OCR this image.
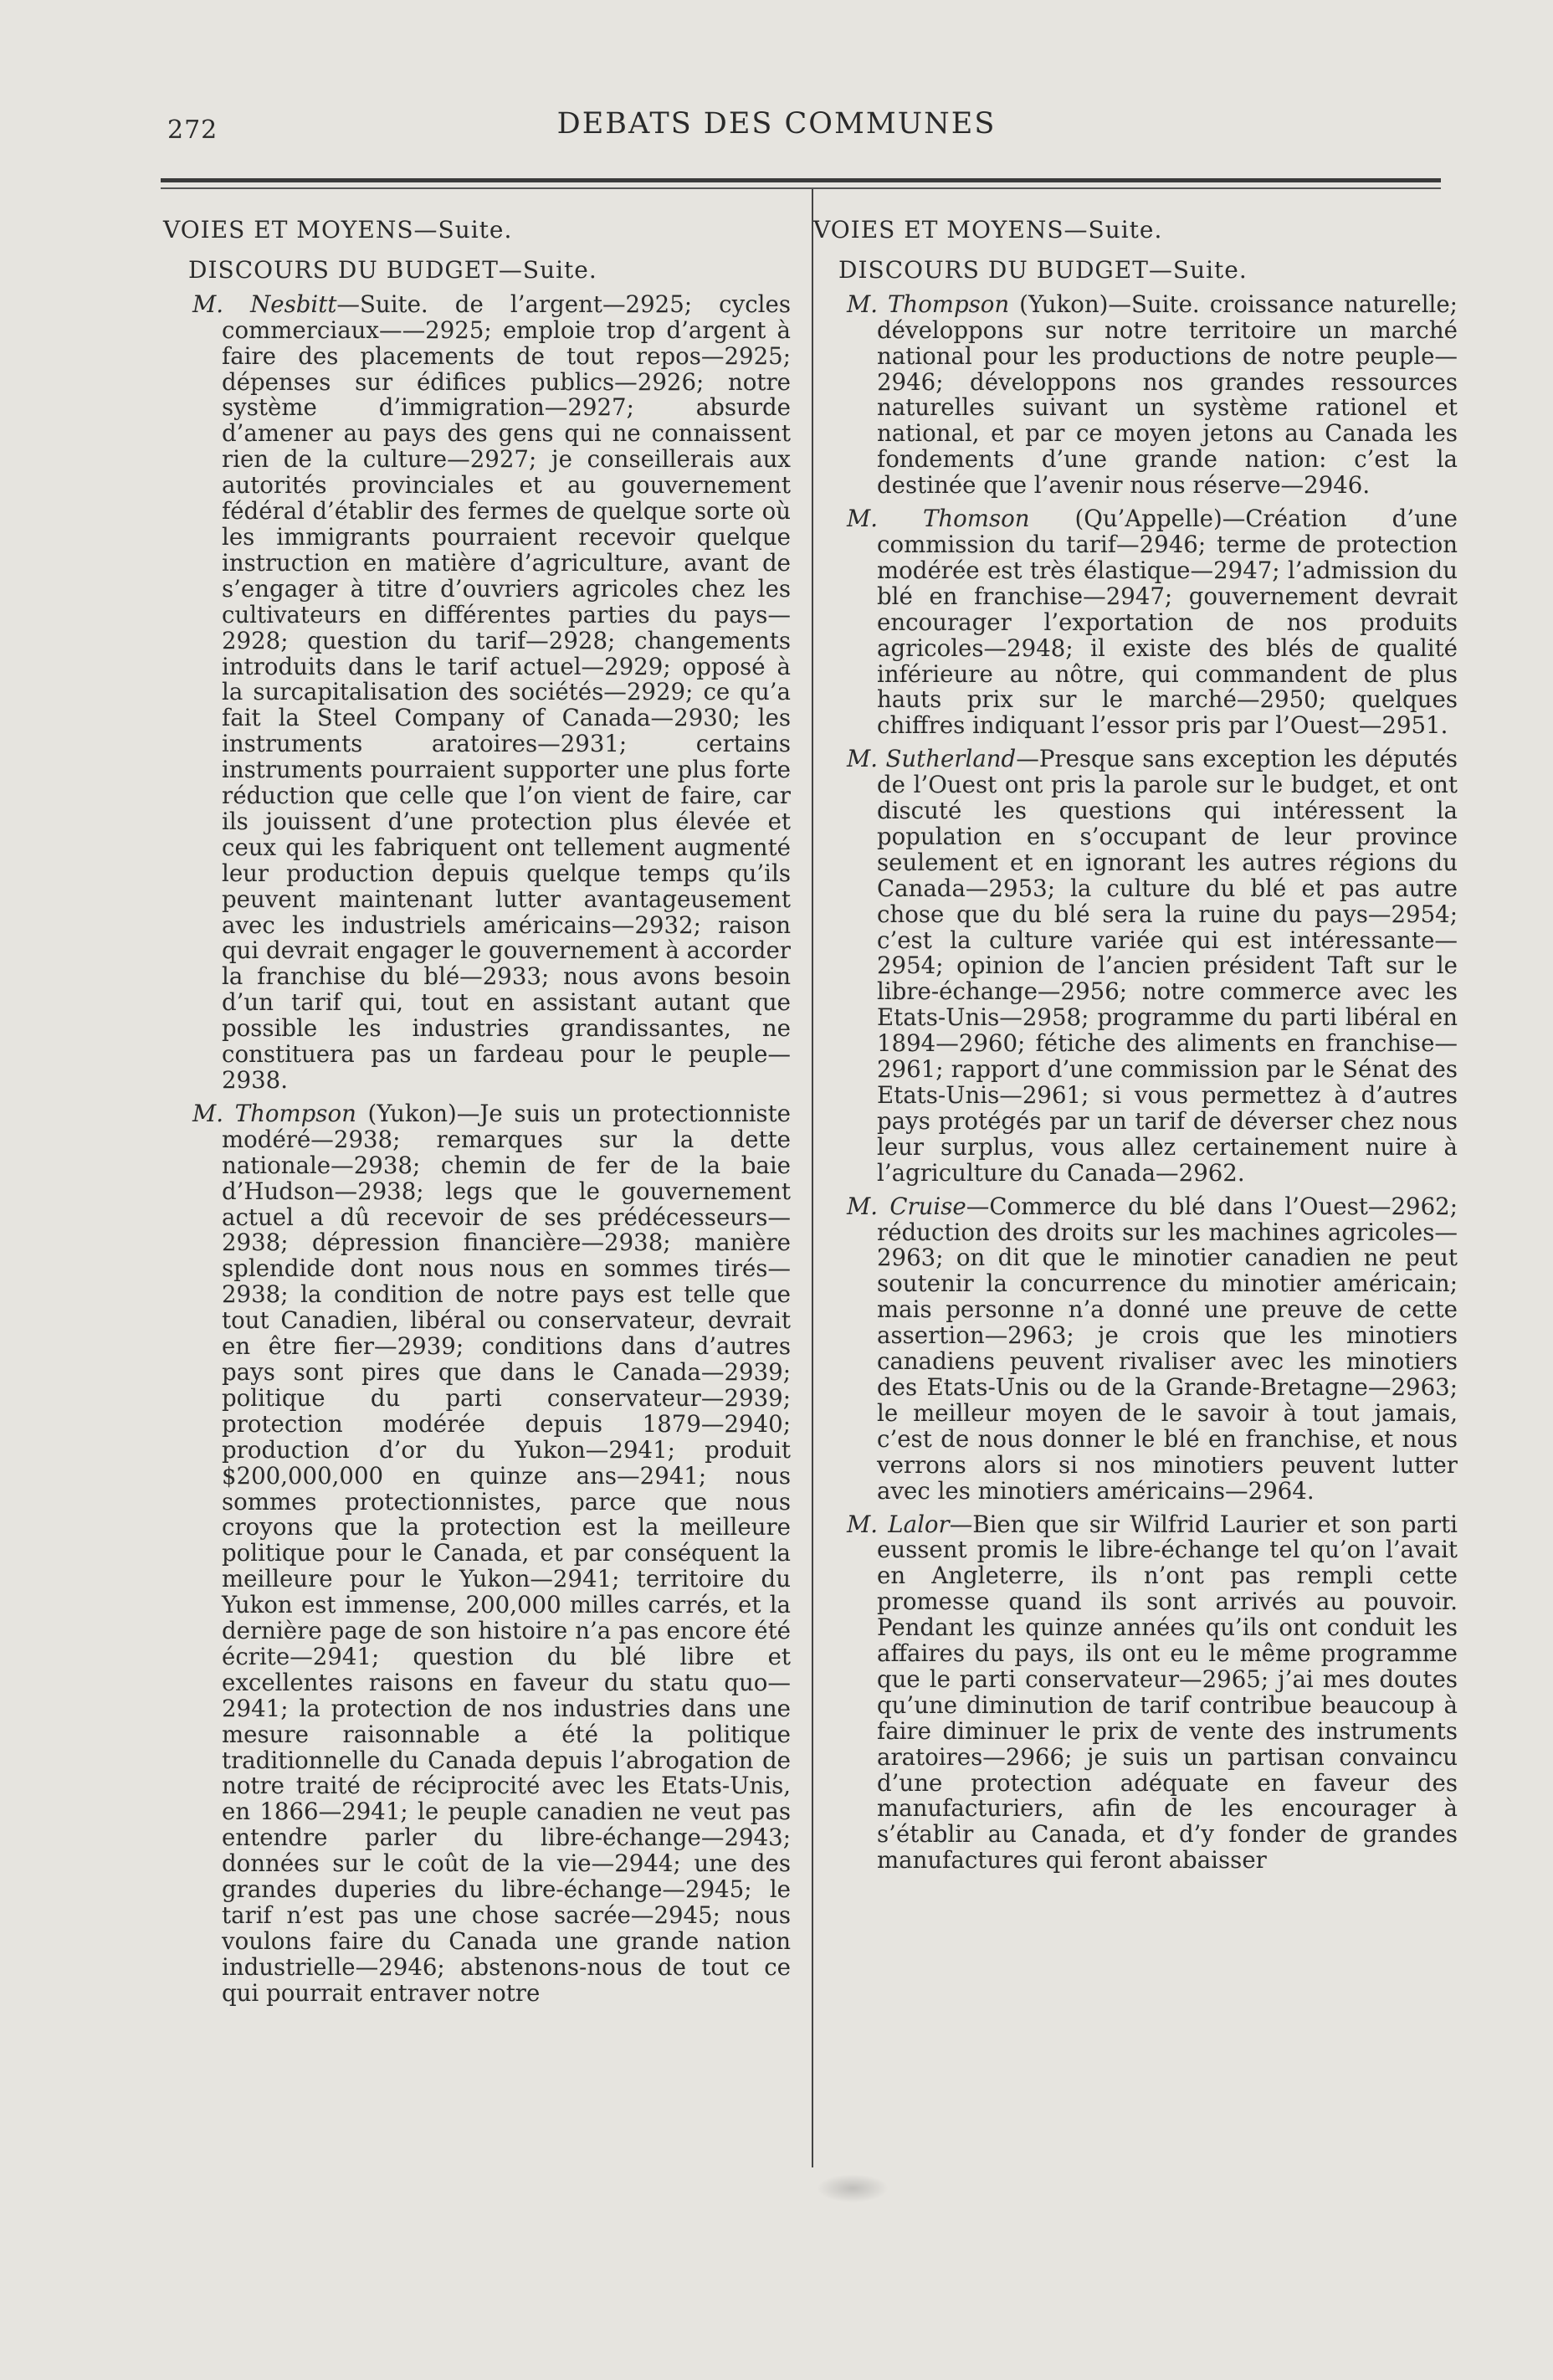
272	DEBATS DES COMMUNES
VOIES ET MOYENS—Suite.
DISCOURS DU BUDGET—Suite.

M. Nesbitt—Suite. de l’argent—2925; cycles commerciaux——2925; emploie trop d’argent à faire des placements de tout repos—2925; dépenses sur édifices publics—2926; notre système d’immigration—2927; absurde d’amener au pays des gens qui ne connaissent rien de la culture—2927; je conseillerais aux autorités provinciales et au gouvernement fédéral d’établir des fermes de quelque sorte où les immigrants pourraient recevoir quelque instruction en matière d’agriculture, avant de s’engager à titre d’ouvriers agricoles chez les cultivateurs en différentes parties du pays—2928; question du tarif—2928; changements introduits dans le tarif actuel—2929; opposé à la surcapitalisation des sociétés—2929; ce qu’a fait la Steel Company of Canada—2930; les instruments aratoires—2931; certains instruments pourraient supporter une plus forte réduction que celle que l’on vient de faire, car ils jouissent d’une protection plus élevée et ceux qui les fabriquent ont tellement augmenté leur production depuis quelque temps qu’ils peuvent maintenant lutter avantageusement avec les industriels américains—2932; raison qui devrait engager le gouvernement à accorder la franchise du blé—2933; nous avons besoin d’un tarif qui, tout en assistant autant que possible les industries grandissantes, ne constituera pas un fardeau pour le peuple—2938.

M. Thompson (Yukon)—Je suis un protectionniste modéré—2938; remarques sur la dette nationale—2938; chemin de fer de la baie d’Hudson—2938; legs que le gouvernement actuel a dû recevoir de ses prédécesseurs—2938; dépression financière—2938; manière splendide dont nous nous en sommes tirés—2938; la condition de notre pays est telle que tout Canadien, libéral ou conservateur, devrait en être fier—2939; conditions dans d’autres pays sont pires que dans le Canada—2939; politique du parti conservateur—2939; protection modérée depuis 1879—2940; production d’or du Yukon—2941; produit $200,000,000 en quinze ans—2941; nous sommes protectionnistes, parce que nous croyons que la protection est la meilleure politique pour le Canada, et par conséquent la meilleure pour le Yukon—2941; territoire du Yukon est immense, 200,000 milles carrés, et la dernière page de son histoire n’a pas encore été écrite—2941; question du blé libre et excellentes raisons en faveur du statu quo—2941; la protection de nos industries dans une mesure raisonnable a été la politique traditionnelle du Canada depuis l’abrogation de notre traité de réciprocité avec les Etats-Unis, en 1866—2941; le peuple canadien ne veut pas entendre parler du libre-échange—2943; données sur le coût de la vie—2944; une des grandes duperies du libre-échange—2945; le tarif n’est pas une chose sacrée—2945; nous voulons faire du Canada une grande nation industrielle—2946; abstenons-nous de tout ce qui pourrait entraver notre

VOIES ET MOYENS—Suite.
DISCOURS DU BUDGET—Suite.

M. Thompson (Yukon)—Suite. croissance naturelle; développons sur notre territoire un marché national pour les productions de notre peuple—2946; développons nos grandes ressources naturelles suivant un système rationel et national, et par ce moyen jetons au Canada les fondements d’une grande nation: c’est la destinée que l’avenir nous réserve—2946.

M. Thomson (Qu’Appelle)—Création d’une commission du tarif—2946; terme de protection modérée est très élastique—2947; l’admission du blé en franchise—2947; gouvernement devrait encourager l’exportation de nos produits agricoles—2948; il existe des blés de qualité inférieure au nôtre, qui commandent de plus hauts prix sur le marché—2950; quelques chiffres indiquant l’essor pris par l’Ouest—2951.

M. Sutherland—Presque sans exception les députés de l’Ouest ont pris la parole sur le budget, et ont discuté les questions qui intéressent la population en s’occupant de leur province seulement et en ignorant les autres régions du Canada—2953; la culture du blé et pas autre chose que du blé sera la ruine du pays—2954; c’est la culture variée qui est intéressante—2954; opinion de l’ancien président Taft sur le libre-échange—2956; notre commerce avec les Etats-Unis—2958; programme du parti libéral en 1894—2960; fétiche des aliments en franchise—2961; rapport d’une commission par le Sénat des Etats-Unis—2961; si vous permettez à d’autres pays protégés par un tarif de déverser chez nous leur surplus, vous allez certainement nuire à l’agriculture du Canada—2962.

M. Cruise—Commerce du blé dans l’Ouest—2962; réduction des droits sur les machines agricoles—2963; on dit que le minotier canadien ne peut soutenir la concurrence du minotier américain; mais personne n’a donné une preuve de cette assertion—2963; je crois que les minotiers canadiens peuvent rivaliser avec les minotiers des Etats-Unis ou de la Grande-Bretagne—2963; le meilleur moyen de le savoir à tout jamais, c’est de nous donner le blé en franchise, et nous verrons alors si nos minotiers peuvent lutter avec les minotiers américains—2964.

M. Lalor—Bien que sir Wilfrid Laurier et son parti eussent promis le libre-échange tel qu’on l’avait en Angleterre, ils n’ont pas rempli cette promesse quand ils sont arrivés au pouvoir. Pendant les quinze années qu’ils ont conduit les affaires du pays, ils ont eu le même programme que le parti conservateur—2965; j’ai mes doutes qu’une diminution de tarif contribue beaucoup à faire diminuer le prix de vente des instruments aratoires—2966; je suis un partisan convaincu d’une protection adéquate en faveur des manufacturiers, afin de les encourager à s’établir au Canada, et d’y fonder de grandes manufactures qui feront abaisser
